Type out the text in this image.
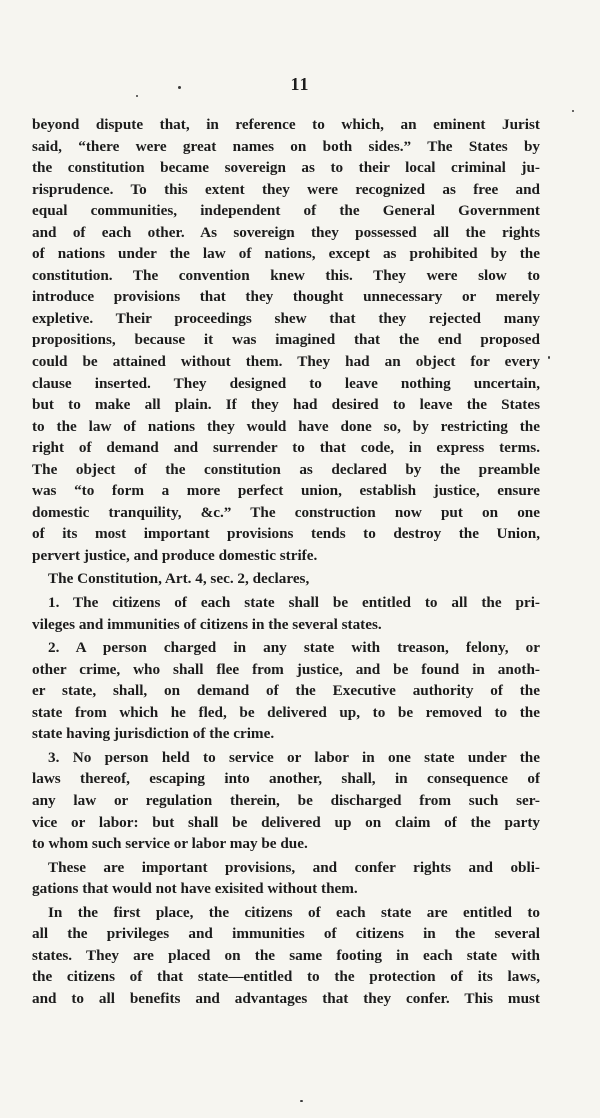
11
beyond dispute that, in reference to which, an eminent Jurist
said, “there were great names on both sides.” The States by
the constitution became sovereign as to their local criminal ju-
risprudence. To this extent they were recognized as free and
equal communities, independent of the General Government
and of each other. As sovereign they possessed all the rights
of nations under the law of nations, except as prohibited by the
constitution. The convention knew this. They were slow to
introduce provisions that they thought unnecessary or merely
expletive. Their proceedings shew that they rejected many
propositions, because it was imagined that the end proposed
could be attained without them. They had an object for every
clause inserted. They designed to leave nothing uncertain,
but to make all plain. If they had desired to leave the States
to the law of nations they would have done so, by restricting the
right of demand and surrender to that code, in express terms.
The object of the constitution as declared by the preamble
was “to form a more perfect union, establish justice, ensure
domestic tranquility, &c.” The construction now put on one
of its most important provisions tends to destroy the Union,
pervert justice, and produce domestic strife.
The Constitution, Art. 4, sec. 2, declares,
1. The citizens of each state shall be entitled to all the pri-
vileges and immunities of citizens in the several states.
2. A person charged in any state with treason, felony, or
other crime, who shall flee from justice, and be found in anoth-
er state, shall, on demand of the Executive authority of the
state from which he fled, be delivered up, to be removed to the
state having jurisdiction of the crime.
3. No person held to service or labor in one state under the
laws thereof, escaping into another, shall, in consequence of
any law or regulation therein, be discharged from such ser-
vice or labor: but shall be delivered up on claim of the party
to whom such service or labor may be due.
These are important provisions, and confer rights and obli-
gations that would not have exisited without them.
In the first place, the citizens of each state are entitled to
all the privileges and immunities of citizens in the several
states. They are placed on the same footing in each state with
the citizens of that state—entitled to the protection of its laws,
and to all benefits and advantages that they confer. This must
